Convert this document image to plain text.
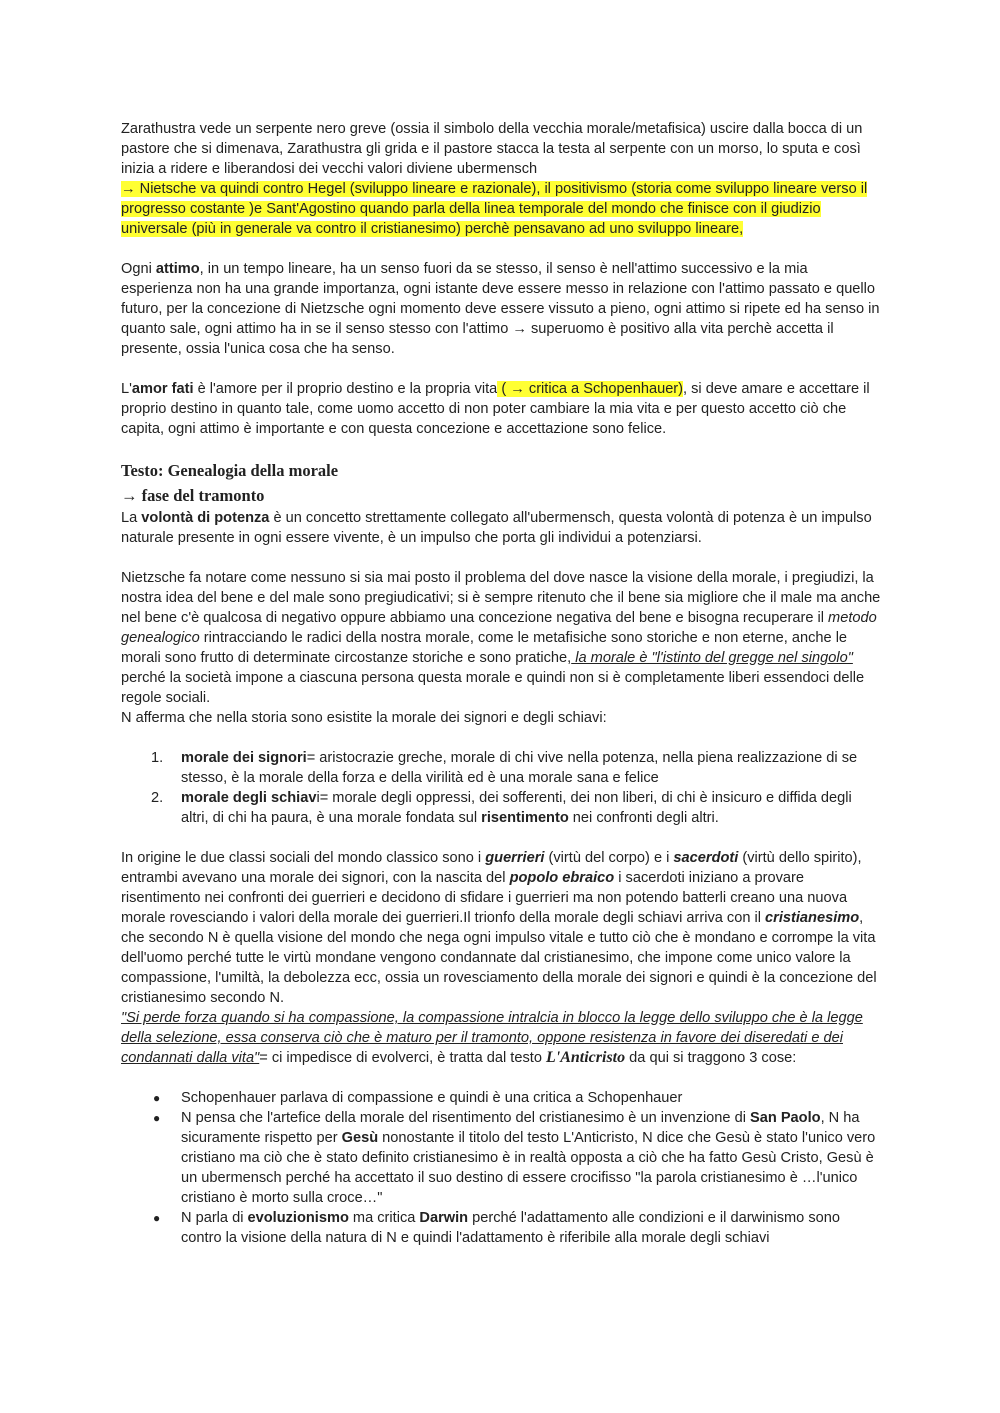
Zarathustra vede un serpente nero greve (ossia il simbolo della vecchia morale/metafisica) uscire dalla bocca di un pastore che si dimenava, Zarathustra gli grida e il pastore stacca la testa al serpente con un morso, lo sputa e così inizia a ridere e liberandosi dei vecchi valori diviene ubermensch
→ Nietsche va quindi contro Hegel (sviluppo lineare e razionale), il positivismo (storia come sviluppo lineare verso il progresso costante )e Sant'Agostino quando parla della linea temporale del mondo che finisce con il giudizio universale (più in generale va contro il cristianesimo) perchè pensavano ad uno sviluppo lineare,

Ogni attimo, in un tempo lineare, ha un senso fuori da se stesso, il senso è nell'attimo successivo e la mia esperienza non ha una grande importanza, ogni istante deve essere messo in relazione con l'attimo passato e quello futuro, per la concezione di Nietzsche ogni momento deve essere vissuto a pieno, ogni attimo si ripete ed ha senso in quanto sale, ogni attimo ha in se il senso stesso con l'attimo → superuomo è positivo alla vita perchè accetta il presente, ossia l'unica cosa che ha senso.

L'amor fati è l'amore per il proprio destino e la propria vita ( → critica a Schopenhauer), si deve amare e accettare il proprio destino in quanto tale, come uomo accetto di non poter cambiare la mia vita e per questo accetto ciò che capita, ogni attimo è importante e con questa concezione e accettazione sono felice.

Testo: Genealogia della morale

→ fase del tramonto

La volontà di potenza è un concetto strettamente collegato all'ubermensch, questa volontà di potenza è un impulso naturale presente in ogni essere vivente, è un impulso che porta gli individui a potenziarsi.

Nietzsche fa notare come nessuno si sia mai posto il problema del dove nasce la visione della morale, i pregiudizi, la nostra idea del bene e del male sono pregiudicativi; si è sempre ritenuto che il bene sia migliore che il male ma anche nel bene c'è qualcosa di negativo oppure abbiamo una concezione negativa del bene e bisogna recuperare il metodo genealogico rintracciando le radici della nostra morale, come le metafisiche sono storiche e non eterne, anche le morali sono frutto di determinate circostanze storiche e sono pratiche, la morale è "l'istinto del gregge nel singolo" perché la società impone a ciascuna persona questa morale e quindi non si è completamente liberi essendoci delle regole sociali.
N afferma che nella storia sono esistite la morale dei signori e degli schiavi:

1. morale dei signori= aristocrazie greche, morale di chi vive nella potenza, nella piena realizzazione di se stesso, è la morale della forza e della virilità ed è una morale sana e felice
2. morale degli schiavi= morale degli oppressi, dei sofferenti, dei non liberi, di chi è insicuro e diffida degli altri, di chi ha paura, è una morale fondata sul risentimento nei confronti degli altri.

In origine le due classi sociali del mondo classico sono i guerrieri (virtù del corpo) e i sacerdoti (virtù dello spirito), entrambi avevano una morale dei signori, con la nascita del popolo ebraico i sacerdoti iniziano a provare risentimento nei confronti dei guerrieri e decidono di sfidare i guerrieri ma non potendo batterli creano una nuova morale rovesciando i valori della morale dei guerrieri.Il trionfo della morale degli schiavi arriva con il cristianesimo, che secondo N è quella visione del mondo che nega ogni impulso vitale e tutto ciò che è mondano e corrompe la vita dell'uomo perché tutte le virtù mondane vengono condannate dal cristianesimo, che impone come unico valore la compassione, l'umiltà, la debolezza ecc, ossia un rovesciamento della morale dei signori e quindi è la concezione del cristianesimo secondo N.
"Si perde forza quando si ha compassione, la compassione intralcia in blocco la legge dello sviluppo che è la legge della selezione, essa conserva ciò che è maturo per il tramonto, oppone resistenza in favore dei diseredati e dei condannati dalla vita"= ci impedisce di evolverci, è tratta dal testo L'Anticristo da qui si traggono 3 cose:

● Schopenhauer parlava di compassione e quindi è una critica a Schopenhauer
● N pensa che l'artefice della morale del risentimento del cristianesimo è un invenzione di San Paolo, N ha sicuramente rispetto per Gesù nonostante il titolo del testo L'Anticristo, N dice che Gesù è stato l'unico vero cristiano ma ciò che è stato definito cristianesimo è in realtà opposta a ciò che ha fatto Gesù Cristo, Gesù è un ubermensch perché ha accettato il suo destino di essere crocifisso "la parola cristianesimo è …l'unico cristiano è morto sulla croce…"
● N parla di evoluzionismo ma critica Darwin perché l'adattamento alle condizioni e il darwinismo sono contro la visione della natura di N e quindi l'adattamento è riferibile alla morale degli schiavi
